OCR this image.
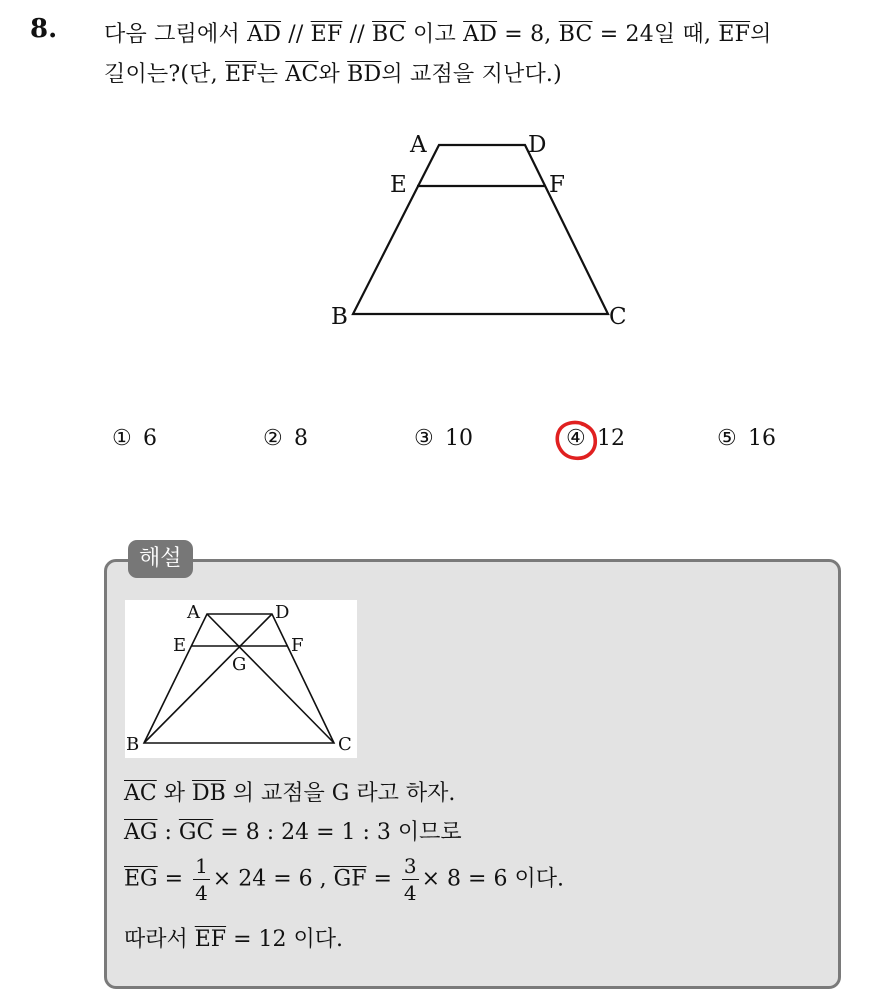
8. 다음 그림에서 $\overline{AD} // \overline{EF} // \overline{BC}$ 이고 $\overline{AD} = 8$, $\overline{BC} = 24$일 때, $\overline{EF}$의
길이는?(단, $\overline{EF}$는 $\overline{AC}$와 $\overline{BD}$의 교점을 지난다.)
A	D
E	F
B	C
① 6	② 8	③ 10	④ 12	⑤ 16
해설
A	D
E	F
G
B	C
$\overline{AC}$ 와 $\overline{DB}$ 의 교점을 G 라고 하자.
$\overline{AG}$ : $\overline{GC} = 8$ : 24 = 1 : 3 이므로
$\overline{EG} = \frac{1}{4} \times 24 = 6$ , $\overline{GF} = \frac{3}{4} \times 8 = 6$ 이다.
따라서 $\overline{EF} = 12$ 이다.
